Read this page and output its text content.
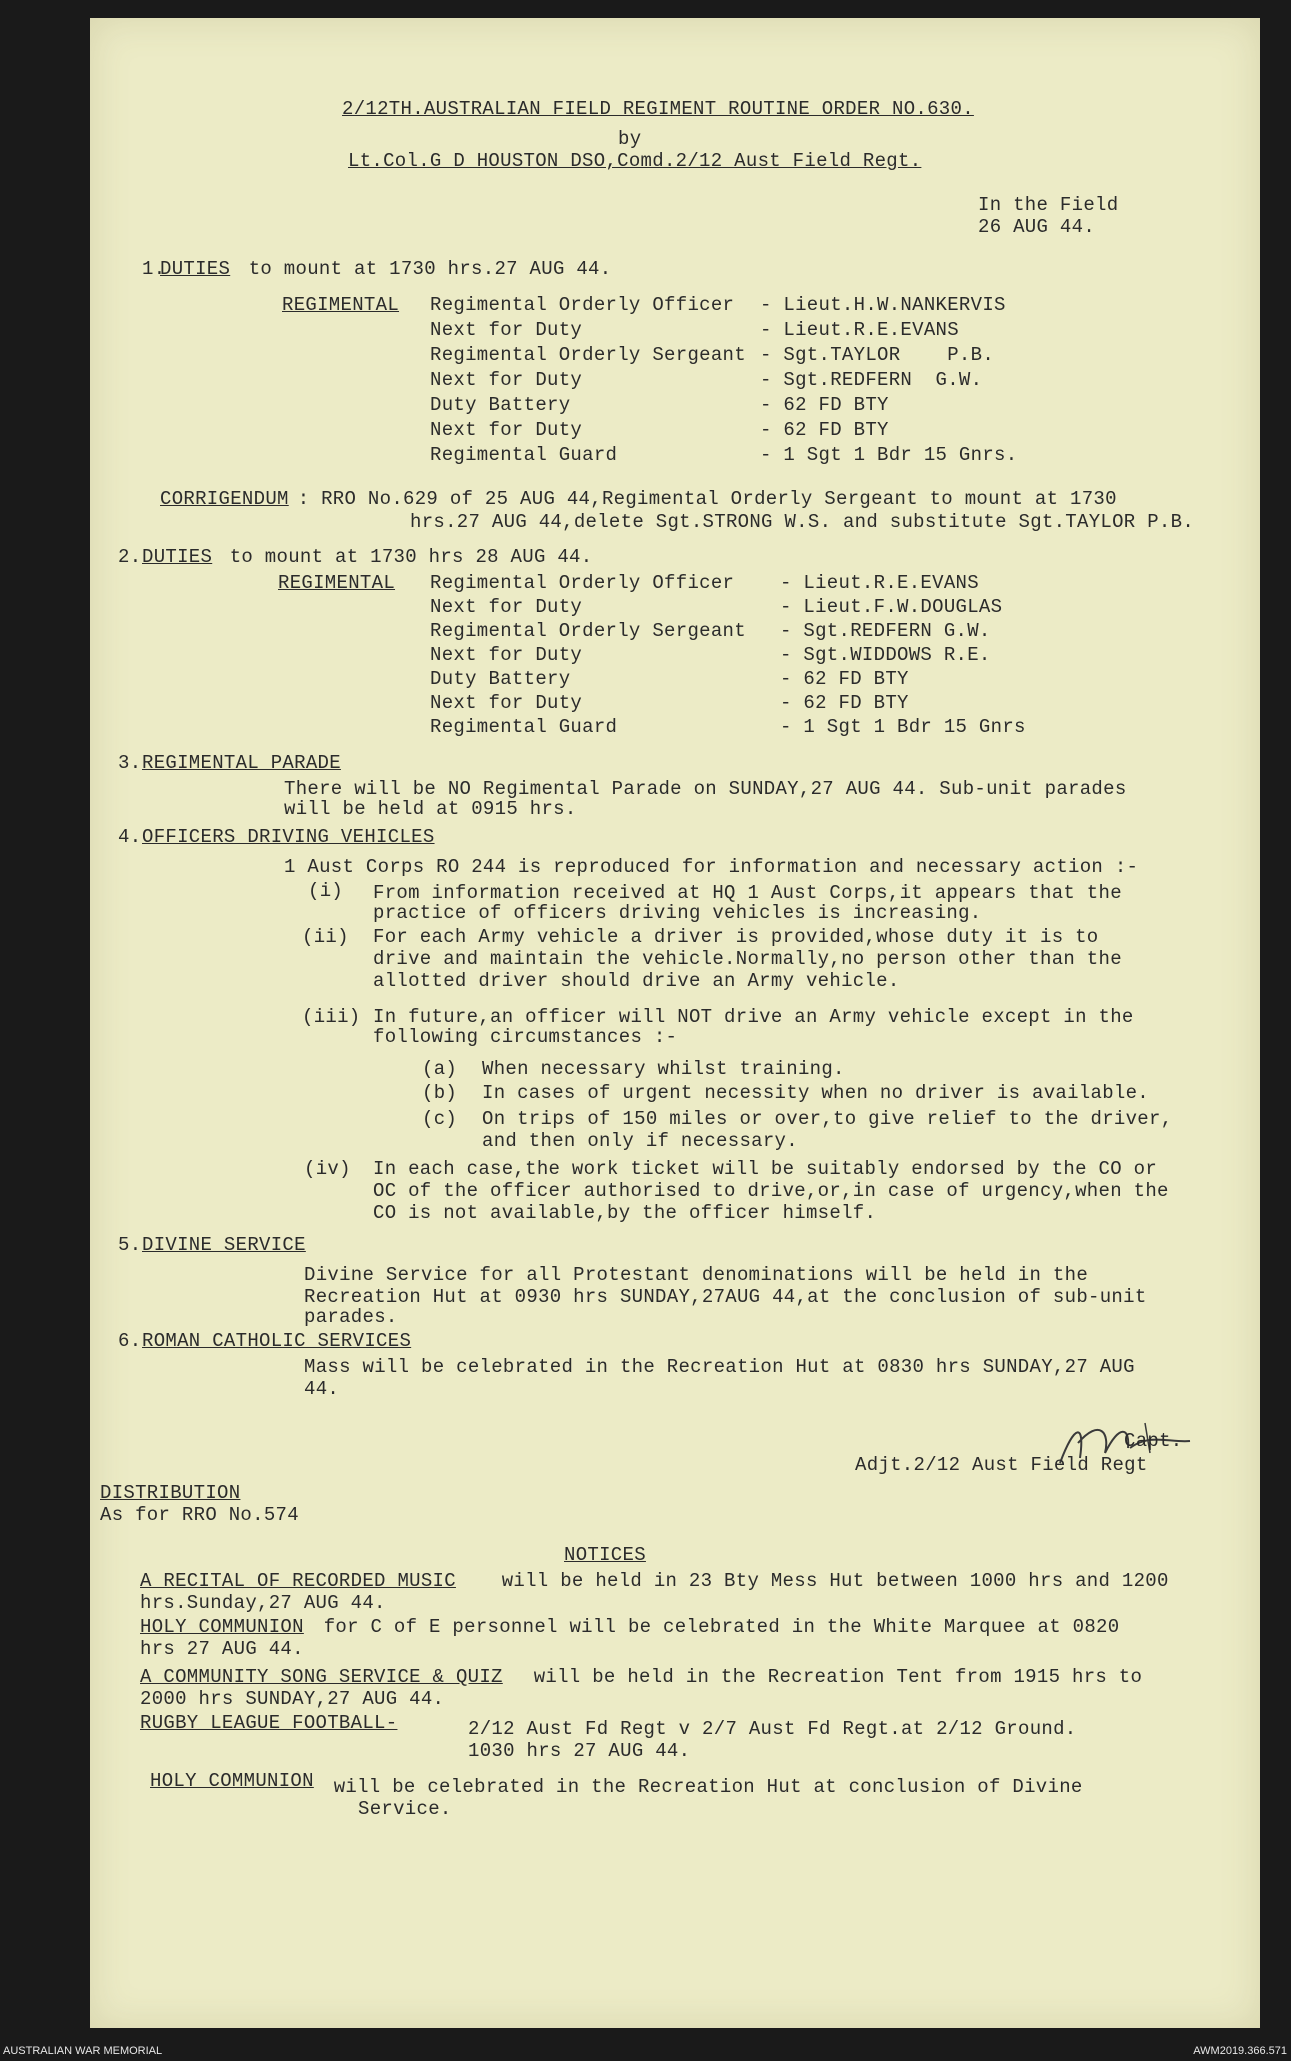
2/12TH.AUSTRALIAN FIELD REGIMENT ROUTINE ORDER NO.630.
by
Lt.Col.G D HOUSTON DSO,Comd.2/12 Aust Field Regt.
In the Field
26 AUG 44.
1.
DUTIES to mount at 1730 hrs.27 AUG 44.
REGIMENTAL Regimental Orderly Officer - Lieut.H.W.NANKERVIS
Next for Duty	- Lieut.R.E.EVANS
Regimental Orderly Sergeant - Sgt.TAYLOR    P.B.
Next for Duty	- Sgt.REDFERN  G.W.
Duty Battery	- 62 FD BTY
Next for Duty	- 62 FD BTY
Regimental Guard	- 1 Sgt 1 Bdr 15 Gnrs.
CORRIGENDUM
: RRO No.629 of 25 AUG 44,Regimental Orderly Sergeant to mount at 1730
hrs.27 AUG 44,delete Sgt.STRONG W.S. and substitute Sgt.TAYLOR P.B.
2. DUTIES to mount at 1730 hrs 28 AUG 44.
REGIMENTAL Regimental Orderly Officer - Lieut.R.E.EVANS
Next for Duty	- Lieut.F.W.DOUGLAS
Regimental Orderly Sergeant - Sgt.REDFERN G.W.
Next for Duty	- Sgt.WIDDOWS R.E.
Duty Battery	- 62 FD BTY
Next for Duty	- 62 FD BTY
Regimental Guard	- 1 Sgt 1 Bdr 15 Gnrs
3. REGIMENTAL PARADE
There will be NO Regimental Parade on SUNDAY,27 AUG 44. Sub-unit parades
will be held at 0915 hrs.
4. OFFICERS DRIVING VEHICLES
1 Aust Corps RO 244 is reproduced for information and necessary action :-
(i) From information received at HQ 1 Aust Corps,it appears that the
practice of officers driving vehicles is increasing.
(ii) For each Army vehicle a driver is provided,whose duty it is to
drive and maintain the vehicle.Normally,no person other than the
allotted driver should drive an Army vehicle.
(iii) In future,an officer will NOT drive an Army vehicle except in the
following circumstances :-
(a) When necessary whilst training.
(b) In cases of urgent necessity when no driver is available.
(c) On trips of 150 miles or over,to give relief to the driver,
and then only if necessary.
(iv) In each case,the work ticket will be suitably endorsed by the CO or
OC of the officer authorised to drive,or,in case of urgency,when the
CO is not available,by the officer himself.
5. DIVINE SERVICE
Divine Service for all Protestant denominations will be held in the
Recreation Hut at 0930 hrs SUNDAY,27AUG 44,at the conclusion of sub-unit
parades.
6. ROMAN CATHOLIC SERVICES
Mass will be celebrated in the Recreation Hut at 0830 hrs SUNDAY,27 AUG
44.
Capt.
Adjt.2/12 Aust Field Regt
DISTRIBUTION
As for RRO No.574
NOTICES
A RECITAL OF RECORDED MUSIC will be held in 23 Bty Mess Hut between 1000 hrs and 1200
hrs.Sunday,27 AUG 44.
HOLY COMMUNION for C of E personnel will be celebrated in the White Marquee at 0820
hrs 27 AUG 44.
A COMMUNITY SONG SERVICE & QUIZ will be held in the Recreation Tent from 1915 hrs to
2000 hrs SUNDAY,27 AUG 44.
RUGBY LEAGUE FOOTBALL-	2/12 Aust Fd Regt v 2/7 Aust Fd Regt.at 2/12 Ground.
1030 hrs 27 AUG 44.
HOLY COMMUNION will be celebrated in the Recreation Hut at conclusion of Divine
Service.
AUSTRALIAN WAR MEMORIAL	AWM2019.366.571
